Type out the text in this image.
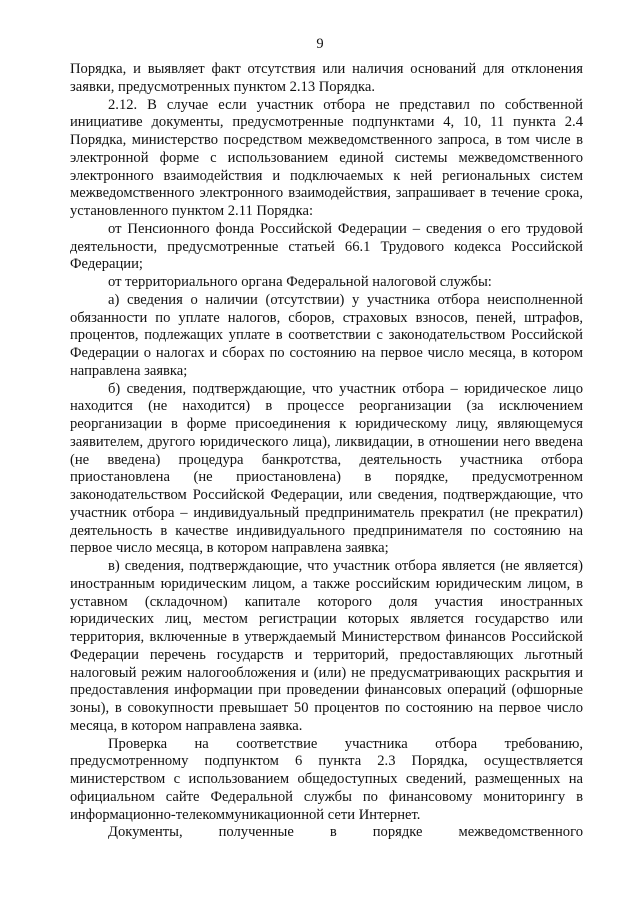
9

Порядка, и выявляет факт отсутствия или наличия оснований для отклонения заявки, предусмотренных пунктом 2.13 Порядка.

2.12. В случае если участник отбора не представил по собственной инициативе документы, предусмотренные подпунктами 4, 10, 11 пункта 2.4 Порядка, министерство посредством межведомственного запроса, в том числе в электронной форме с использованием единой системы межведомственного электронного взаимодействия и подключаемых к ней региональных систем межведомственного электронного взаимодействия, запрашивает в течение срока, установленного пунктом 2.11 Порядка:

от Пенсионного фонда Российской Федерации – сведения о его трудовой деятельности, предусмотренные статьей 66.1 Трудового кодекса Российской Федерации;

от территориального органа Федеральной налоговой службы:

а) сведения о наличии (отсутствии) у участника отбора неисполненной обязанности по уплате налогов, сборов, страховых взносов, пеней, штрафов, процентов, подлежащих уплате в соответствии с законодательством Российской Федерации о налогах и сборах по состоянию на первое число месяца, в котором направлена заявка;

б) сведения, подтверждающие, что участник отбора – юридическое лицо находится (не находится) в процессе реорганизации (за исключением реорганизации в форме присоединения к юридическому лицу, являющемуся заявителем, другого юридического лица), ликвидации, в отношении него введена (не введена) процедура банкротства, деятельность участника отбора приостановлена (не приостановлена) в порядке, предусмотренном законодательством Российской Федерации, или сведения, подтверждающие, что участник отбора – индивидуальный предприниматель прекратил (не прекратил) деятельность в качестве индивидуального предпринимателя по состоянию на первое число месяца, в котором направлена заявка;

в) сведения, подтверждающие, что участник отбора является (не является) иностранным юридическим лицом, а также российским юридическим лицом, в уставном (складочном) капитале которого доля участия иностранных юридических лиц, местом регистрации которых является государство или территория, включенные в утверждаемый Министерством финансов Российской Федерации перечень государств и территорий, предоставляющих льготный налоговый режим налогообложения и (или) не предусматривающих раскрытия и предоставления информации при проведении финансовых операций (офшорные зоны), в совокупности превышает 50 процентов по состоянию на первое число месяца, в котором направлена заявка.

Проверка на соответствие участника отбора требованию, предусмотренному подпунктом 6 пункта 2.3 Порядка, осуществляется министерством с использованием общедоступных сведений, размещенных на официальном сайте Федеральной службы по финансовому мониторингу в информационно-телекоммуникационной сети Интернет.

Документы, полученные в порядке межведомственного
